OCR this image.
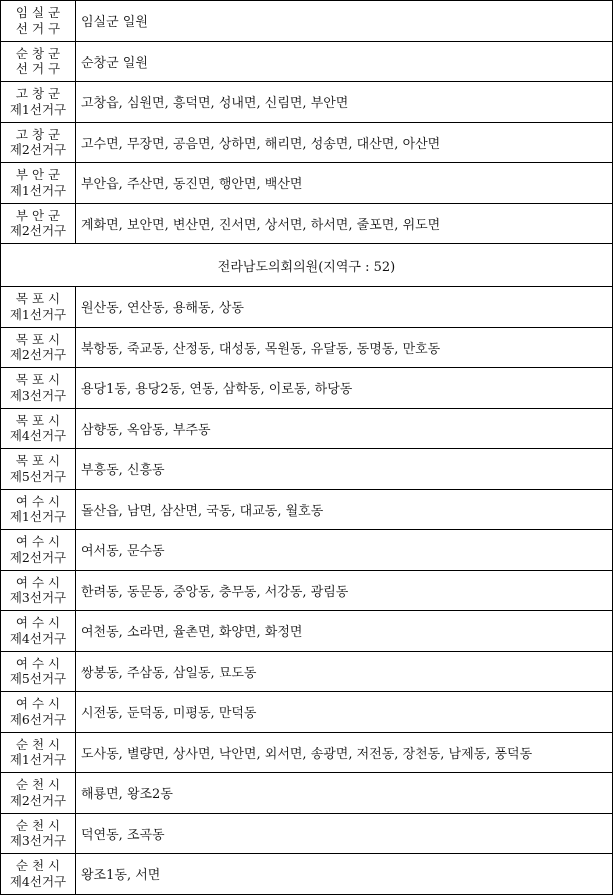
임 실 군
선 거 구	임실군 일원

순 창 군
선 거 구	순창군 일원

고 창 군
제1선거구	고창읍, 심원면, 흥덕면, 성내면, 신림면, 부안면

고 창 군
제2선거구	고수면, 무장면, 공음면, 상하면, 해리면, 성송면, 대산면, 아산면

부 안 군
제1선거구	부안읍, 주산면, 동진면, 행안면, 백산면

부 안 군
제2선거구	계화면, 보안면, 변산면, 진서면, 상서면, 하서면, 줄포면, 위도면
전라남도의회의원(지역구 : 52)	

목 포 시
제1선거구	원산동, 연산동, 용해동, 상동

목 포 시
제2선거구	북항동, 죽교동, 산정동, 대성동, 목원동, 유달동, 동명동, 만호동

목 포 시
제3선거구	용당1동, 용당2동, 연동, 삼학동, 이로동, 하당동

목 포 시
제4선거구	삼향동, 옥암동, 부주동

목 포 시
제5선거구	부흥동, 신흥동

여 수 시
제1선거구	돌산읍, 남면, 삼산면, 국동, 대교동, 월호동

여 수 시
제2선거구	여서동, 문수동

여 수 시
제3선거구	한려동, 동문동, 중앙동, 충무동, 서강동, 광림동

여 수 시
제4선거구	여천동, 소라면, 율촌면, 화양면, 화정면

여 수 시
제5선거구	쌍봉동, 주삼동, 삼일동, 묘도동

여 수 시
제6선거구	시전동, 둔덕동, 미평동, 만덕동

순 천 시
제1선거구	도사동, 별량면, 상사면, 낙안면, 외서면, 송광면, 저전동, 장천동, 남제동, 풍덕동

순 천 시
제2선거구	해룡면, 왕조2동

순 천 시
제3선거구	덕연동, 조곡동

순 천 시
제4선거구	왕조1동, 서면
